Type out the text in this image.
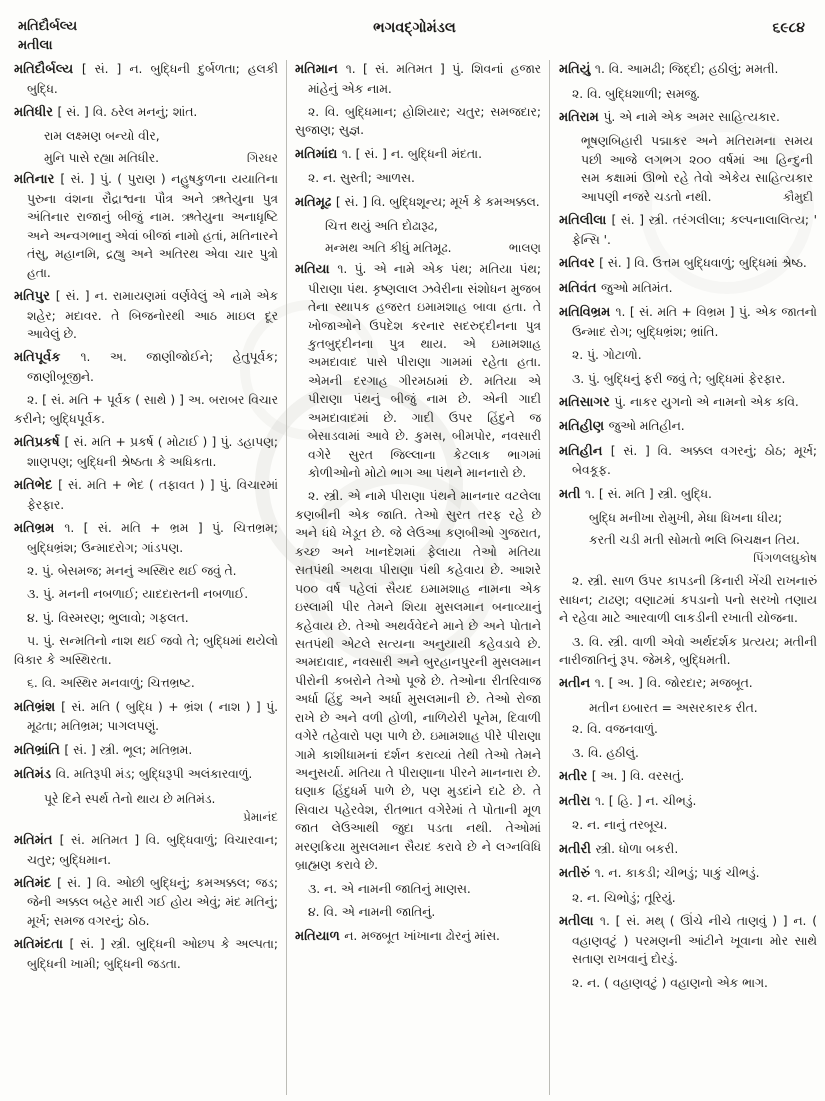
મતિદૌર્બલ્ય
મતીલા
ભગવદ્ગોમંડલ	૬૯૮૪

મતિદૌર્બલ્ય [ સં. ] ન. બુદ્ધિની દુર્બળતા; હલકી બુદ્ધિ.

મતિધીર [ સં. ] વિ. ઠરેલ મનનું; શાંત.

રામ લક્ષ્મણ બન્યો વીર,

મુનિ પાસે રહ્યા મતિધીર.	ગિરધર

મતિનાર [ સં. ] પું. ( પુરાણ ) નહુષકુળના યયાતિના પુરુના વંશના રૌદ્રાશ્વના પૌત્ર અને ઋતેયુના પુત્ર અંતિનાર રાજાનું બીજું નામ. ઋતેયુના અનાધૃષ્ટિ અને અન્વગભાનુ એવાં બીજાં નામો હતાં, મતિનારને તંસુ, મહાનમિ, દ્રહ્યુ અને અતિરથ એવા ચાર પુત્રો હતા.

મતિપુર [ સં. ] ન. રામાયણમાં વર્ણવેલું એ નામે એક શહેર; મદાવર. તે બિજનોરથી આઠ માઇલ દૂર આવેલું છે.

મતિપૂર્વક ૧. અ. જાણીજોઈને; હેતુપૂર્વક; જાણીબૂજીને.

૨. [ સં. મતિ + પૂર્વક ( સાથે ) ] અ. બરાબર વિચાર કરીને; બુદ્ધિપૂર્વક.

મતિપ્રકર્ષ [ સં. મતિ + પ્રકર્ષ ( મોટાઈ ) ] પું. ડહાપણ; શાણપણ; બુદ્ધિની શ્રેષ્ઠતા કે અધિકતા.

મતિભેદ [ સં. મતિ + ભેદ ( તફાવત ) ] પું. વિચારમાં ફેરફાર.

મતિભ્રમ ૧. [ સં. મતિ + ભ્રમ ] પું. ચિત્તભ્રમ; બુદ્ધિભ્રંશ; ઉન્માદરોગ; ગાંડપણ.

૨. પું. બેસમજ; મનનું અસ્થિર થઈ જવું તે.

૩. પું. મનની નબળાઈ; યાદદાસ્તની નબળાઈ.

૪. પું. વિસ્મરણ; ભુલાવો; ગફલત.

૫. પું. સન્મતિનો નાશ થઈ જવો તે; બુદ્ધિમાં થયેલો વિકાર કે અસ્થિરતા.

૬. વિ. અસ્થિર મનવાળું; ચિત્તભ્રષ્ટ.

મતિભ્રંશ [ સં. મતિ ( બુદ્ધિ ) + ભ્રંશ ( નાશ ) ] પું. મૂઢતા; મતિભ્રમ; પાગલપણું.

મતિભ્રાંતિ [ સં. ] સ્ત્રી. ભૂલ; મતિભ્રમ.

મતિમંડ વિ. મતિરૂપી મંડ; બુદ્ધિરૂપી અલંકારવાળું.

પૂરે દિને સ્પર્થ તેનો થાય છે મતિમંડ.

પ્રેમાનંદ

મતિમંત [ સં. મતિમત ] વિ. બુદ્ધિવાળું; વિચારવાન; ચતુર; બુદ્ધિમાન.

મતિમંદ [ સં. ] વિ. ઓછી બુદ્ધિનું; કમઅક્કલ; જડ; જેની અક્કલ બહેર મારી ગઈ હોય એવું; મંદ મતિનું; મૂર્ખ; સમજ વગરનું; ઠોઠ.

મતિમંદતા [ સં. ] સ્ત્રી. બુદ્ધિની ઓછપ કે અલ્પતા; બુદ્ધિની ખામી; બુદ્ધિની જડતા.

મતિમાન ૧. [ સં. મતિમત ] પું. શિવનાં હજાર માંહેનું એક નામ.

૨. વિ. બુદ્ધિમાન; હોશિયાર; ચતુર; સમજદાર; સુજાણ; સુજ્ઞ.

મતિમાંદ્ય ૧. [ સં. ] ન. બુદ્ધિની મંદતા.

૨. ન. સુસ્તી; આળસ.

મતિમૂઢ [ સં. ] વિ. બુદ્ધિશૂન્ય; મૂર્ખ કે કમઅક્કલ.

ચિત્ત થયું અતિ દોઢારૂઢ,

મન્મથ અતિ કીધું મતિમૂઢ.	ભાલણ

મતિયા ૧. પું. એ નામે એક પંથ; મતિયા પંથ; પીરાણા પંથ. કૃષ્ણલાલ ઝવેરીના સંશોધન મુજબ તેના સ્થાપક હજરત ઇમામશાહ બાવા હતા. તે ખોજાઓને ઉપદેશ કરનાર સદરુદ્દીનના પુત્ર કુતબુદ્દીનના પુત્ર થાય. એ ઇમામશાહ અમદાવાદ પાસે પીરાણા ગામમાં રહેતા હતા. એમની દરગાહ ગીરમઠામાં છે. મતિયા એ પીરાણા પંથનું બીજું નામ છે. એની ગાદી અમદાવાદમાં છે. ગાદી ઉપર હિંદુને જ બેસાડવામાં આવે છે. કુમસ, બીમપોર, નવસારી વગેરે સુરત જિલ્લાના કેટલાક ભાગમાં કોળીઓનો મોટો ભાગ આ પંથને માનનારો છે.

૨. સ્ત્રી. એ નામે પીરાણા પંથને માનનાર વટલેલા કણબીની એક જાતિ. તેઓ સુરત તરફ રહે છે અને ધંધે ખેડૂત છે. જે લેઉઆ કણબીઓ ગુજરાત, કચ્છ અને ખાનદેશમાં ફેલાયા તેઓ મતિયા સતપંથી અથવા પીરાણા પંથી કહેવાય છે. આશરે ૫૦૦ વર્ષ પહેલાં સૈયદ ઇમામશાહ નામના એક ઇસ્લામી પીર તેમને શિયા મુસલમાન બનાવ્યાનું કહેવાય છે. તેઓ અથર્વવેદને માને છે અને પોતાને સતપંથી એટલે સત્યના અનુયાયી કહેવડાવે છે. અમદાવાદ, નવસારી અને બુરહાનપુરની મુસલમાન પીરોની કબરોને તેઓ પૂજે છે. તેઓના રીતરિવાજ અર્ધા હિંદુ અને અર્ધા મુસલમાની છે. તેઓ રોજા રાખે છે અને વળી હોળી, નાળિયેરી પૂનેમ, દિવાળી વગેરે તહેવારો પણ પાળે છે. ઇમામશાહ પીરે પીરાણા ગામે કાશીધામનાં દર્શન કરાવ્યાં તેથી તેઓ તેમને અનુસર્યા. મતિયા તે પીરાણાના પીરને માનનારા છે. ઘણાક હિંદુધર્મ પાળે છે, પણ મુડદાંને દાટે છે. તે સિવાય પહેરવેશ, રીતભાત વગેરેમાં તે પોતાની મૂળ જાત લેઉઆથી જુદા પડતા નથી. તેઓમાં મરણક્રિયા મુસલમાન સૈયદ કરાવે છે ને લગ્નવિધિ બ્રાહ્મણ કરાવે છે.

૩. ન. એ નામની જાતિનું માણસ.

૪. વિ. એ નામની જાતિનું.

મતિયાળ ન. મજબૂત ખાંખાના ઢોરનું માંસ.

મતિયું ૧. વિ. આમઢી; જિદ્દી; હઠીલું; મમતી.

૨. વિ. બુદ્ધિશાળી; સમજુ.

મતિરામ પું. એ નામે એક અમર સાહિત્યકાર.

ભૂષણબિહારી પદ્માકર અને મતિરામના સમય પછી આજે લગભગ ૨૦૦ વર્ષમાં આ હિન્દુની સમ કક્ષામાં ઊભો રહે તેવો એકેય સાહિત્યકાર આપણી નજરે ચડતો નથી.	કૌમુદી

મતિલીલા [ સં. ] સ્ત્રી. તરંગલીલા; કલ્પનાલાલિત્ય; ' ફેન્સિ '.

મતિવર [ સં. ] વિ. ઉત્તમ બુદ્ધિવાળું; બુદ્ધિમાં શ્રેષ્ઠ.

મતિવંત જુઓ મતિમંત.

મતિવિભ્રમ ૧. [ સં. મતિ + વિભ્રમ ] પું. એક જાતનો ઉન્માદ રોગ; બુદ્ધિભ્રંશ; ભ્રાંતિ.

૨. પું. ગોટાળો.

૩. પું. બુદ્ધિનું ફરી જવું તે; બુદ્ધિમાં ફેરફાર.

મતિસાગર પું. નાકર યુગનો એ નામનો એક કવિ.

મતિહીણ જુઓ મતિહીન.

મતિહીન [ સં. ] વિ. અક્કલ વગરનું; ઠોઠ; મૂર્ખ; બેવકૂફ.

મતી ૧. [ સં. મતિ ] સ્ત્રી. બુદ્ધિ.

બુદ્ધિ મનીખા રોમુખી, મેધા ધિખના ધીય;

કરતી ચડી મતી સોમતો ભલિ બિચક્ષન તિય.

પિંગળલઘુકોષ

૨. સ્ત્રી. સાળ ઉપર કાપડની કિનારી ખેંચી રાખનારું સાધન; ટાઢણ; વણાટમાં કપડાનો પનો સરખો તણાય ને રહેવા માટે આરવાળી લાકડીની રખાતી યોજના.

૩. વિ. સ્ત્રી. વાળી એવો અર્થદર્શક પ્રત્યય; મતીની નારીજાતિનું રૂપ. જેમકે, બુદ્ધિમતી.

મતીન ૧. [ અ. ] વિ. જોરદાર; મજબૂત.

મતીન ઇબારત = અસરકારક રીત.

૨. વિ. વજનવાળું.

૩. વિ. હઠીલું.

મતીર [ અ. ] વિ. વરસતું.

મતીરા ૧. [ હિ. ] ન. ચીભડું.

૨. ન. નાનું તરબૂચ.

મતીરી સ્ત્રી. ધોળા બકરી.

મતીરું ૧. ન. કાકડી; ચીભડું; પાકું ચીભડું.

૨. ન. ચિભોડું; તૂરિયું.

મતીલા ૧. [ સં. મથ્ ( ઊંચે નીચે તાણવું ) ] ન. ( વહાણવટું ) પરમણની આંટીને ખૂવાના મોર સાથે સતાણ રાખવાનું દોરડું.

૨. ન. ( વહાણવટું ) વહાણનો એક ભાગ.
